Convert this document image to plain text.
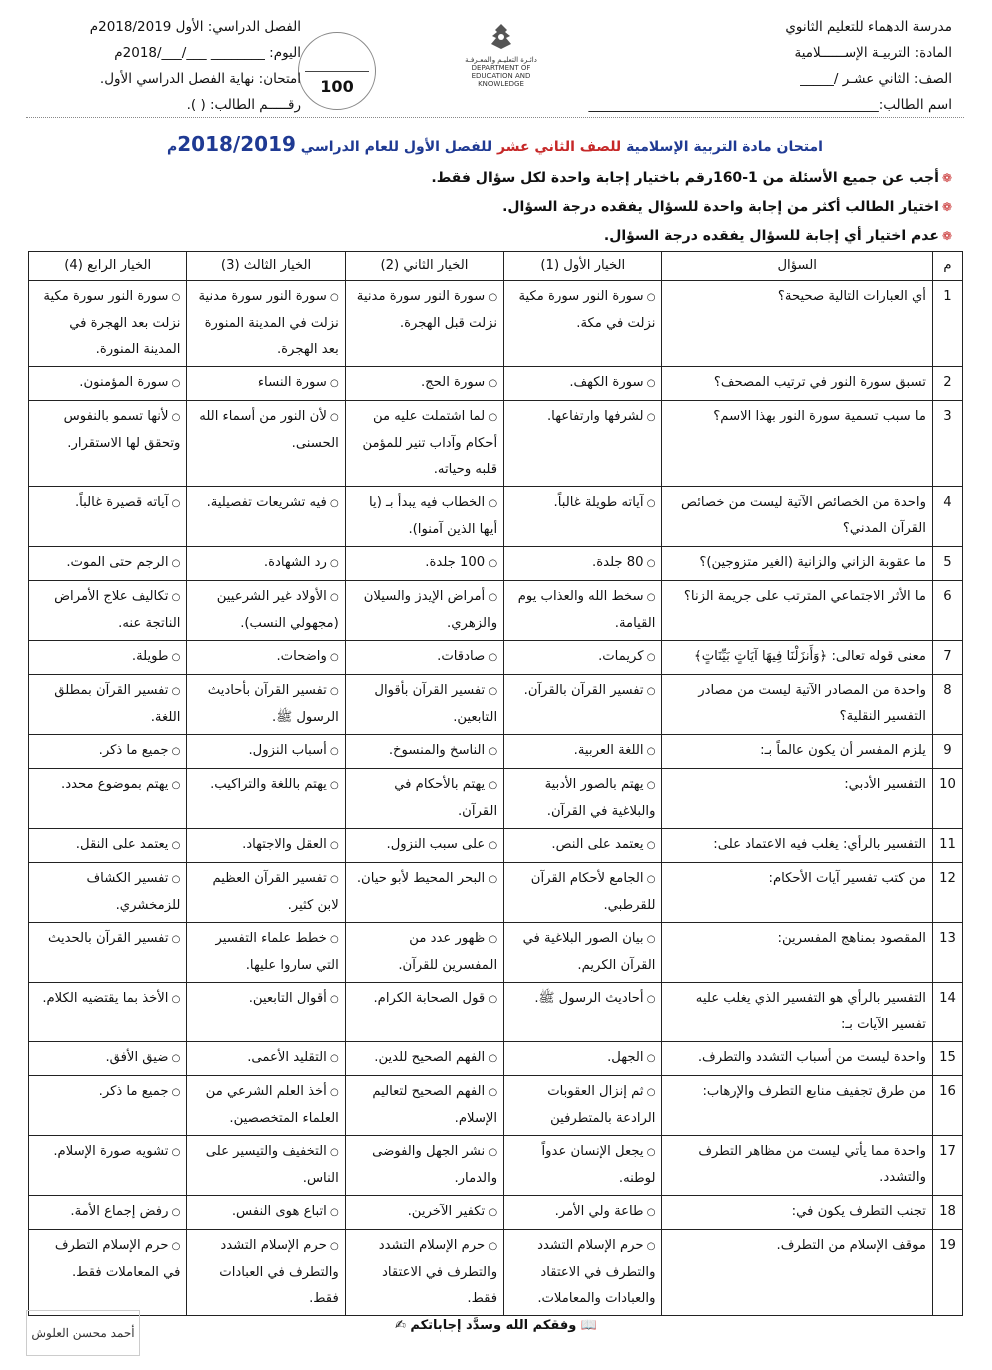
مدرسة الدهماء للتعليم الثانوي
المادة: التربيـة الإســــــلامية
الصف: الثاني عشـر /_____
اسم الطالب:___________________________________________
دائـرة التعليـم والمعـرفـة
DEPARTMENT OF EDUCATION AND KNOWLEDGE
100
الفصل الدراسي: الأول 2018/2019م
اليوم: ________ ___/___/2018م
امتحان: نهاية الفصل الدراسي الأول.
رقـــــم الطالب: ( ).
امتحان مادة التربية الإسلامية للصف الثاني عشر للفصل الأول للعام الدراسي 2018/2019م
❁أجب عن جميع الأسئلة من 1-160رقم باختيار إجابة واحدة لكل سؤال فقط.
❁اختيار الطالب أكثر من إجابة واحدة للسؤال يفقده درجة السؤال.
❁عدم اختيار أي إجابة للسؤال يفقده درجة السؤال.
م	السؤال	الخيار الأول (1)	الخيار الثاني (2)	الخيار الثالث (3)	الخيار الرابع (4)
1	أي العبارات التالية صحيحة؟	○ سورة النور سورة مكية نزلت في مكة.	○ سورة النور سورة مدنية نزلت قبل الهجرة.	○ سورة النور سورة مدنية نزلت في المدينة المنورة بعد الهجرة.	○ سورة النور سورة مكية نزلت بعد الهجرة في المدينة المنورة.
2	تسبق سورة النور في ترتيب المصحف؟	○ سورة الكهف.	○ سورة الحج.	○ سورة النساء	○ سورة المؤمنون.
3	ما سبب تسمية سورة النور بهذا الاسم؟	○ لشرفها وارتفاعها.	○ لما اشتملت عليه من أحكام وآداب تنير للمؤمن قلبه وحياته.	○ لأن النور من أسماء الله الحسنى.	○ لأنها تسمو بالنفوس وتحقق لها الاستقرار.
4	واحدة من الخصائص الآتية ليست من خصائص القرآن المدني؟	○ آياته طويلة غالباً.	○ الخطاب فيه يبدأ بـ (يا أيها الذين آمنوا).	○ فيه تشريعات تفصيلية.	○ آياته قصيرة غالباً.
5	ما عقوبة الزاني والزانية (الغير متزوجين)؟	○ 80 جلدة.	○ 100 جلدة.	○ رد الشهادة.	○ الرجم حتى الموت.
6	ما الأثر الاجتماعي المترتب على جريمة الزنا؟	○ سخط الله والعذاب يوم القيامة.	○ أمراض الإيدز والسيلان والزهري.	○ الأولاد غير الشرعيين (مجهولي النسب).	○ تكاليف علاج الأمراض الناتجة عنه.
7	معنى قوله تعالى: ﴿وَأَنزَلْنَا فِيهَا آيَاتٍ بَيِّنَاتٍ﴾	○ كريمات.	○ صادقات.	○ واضحات.	○ طويلة.
8	واحدة من المصادر الآتية ليست من مصادر التفسير النقلية؟	○ تفسير القرآن بالقرآن.	○ تفسير القرآن بأقوال التابعين.	○ تفسير القرآن بأحاديث الرسول ﷺ.	○ تفسير القرآن بمطلق اللغة.
9	يلزم المفسر أن يكون عالماً بـ:	○ اللغة العربية.	○ الناسخ والمنسوخ.	○ أسباب النزول.	○ جميع ما ذكر.
10	التفسير الأدبي:	○ يهتم بالصور الأدبية والبلاغية في القرآن.	○ يهتم بالأحكام في القرآن.	○ يهتم باللغة والتراكيب.	○ يهتم بموضوع محدد.
11	التفسير بالرأي: يغلب فيه الاعتماد على:	○ يعتمد على النص.	○ على سبب النزول.	○ العقل والاجتهاد.	○ يعتمد على النقل.
12	من كتب تفسير آيات الأحكام:	○ الجامع لأحكام القرآن للقرطبي.	○ البحر المحيط لأبو حيان.	○ تفسير القرآن العظيم لابن كثير.	○ تفسير الكشاف للزمخشري.
13	المقصود بمناهج المفسرين:	○ بيان الصور البلاغية في القرآن الكريم.	○ ظهور عدد من المفسرين للقرآن.	○ خطط علماء التفسير التي ساروا عليها.	○ تفسير القرآن بالحديث
14	التفسير بالرأي هو التفسير الذي يغلب عليه تفسير الآيات بـ:	○ أحاديث الرسول ﷺ.	○ قول الصحابة الكرام.	○ أقوال التابعين.	○ الأخذ بما يقتضيه الكلام.
15	واحدة ليست من أسباب التشدد والتطرف.	○ الجهل.	○ الفهم الصحيح للدين.	○ التقليد الأعمى.	○ ضيق الأفق.
16	من طرق تجفيف منابع التطرف والإرهاب:	○ ثم إنزال العقوبات الرادعة بالمتطرفين	○ الفهم الصحيح لتعاليم الإسلام.	○ أخذ العلم الشرعي من العلماء المتخصصين.	○ جميع ما ذكر.
17	واحدة مما يأتي ليست من مظاهر التطرف والتشدد.	○ يجعل الإنسان عدواً لوطنه.	○ نشر الجهل والفوضى والدمار.	○ التخفيف والتيسير على الناس.	○ تشويه صورة الإسلام.
18	تجنب التطرف يكون في:	○ طاعة ولي الأمر.	○ تكفير الآخرين.	○ اتباع هوى النفس.	○ رفض إجماع الأمة.
19	موقف الإسلام من التطرف.	○ حرم الإسلام التشدد والتطرف في الاعتقاد والعبادات والمعاملات.	○ حرم الإسلام التشدد والتطرف في الاعتقاد فقط.	○ حرم الإسلام التشدد والتطرف في العبادات فقط.	○ حرم الإسلام التطرف في المعاملات فقط.
📖 وفقكم الله وسدَّد إجاباتكم ✍
أحمد محسن العلوش
